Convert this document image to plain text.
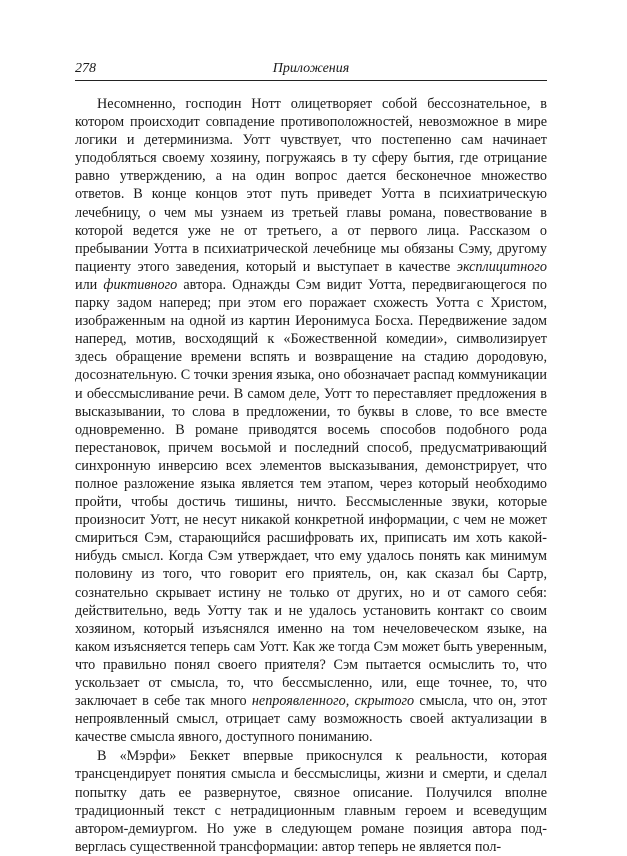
278	Приложения

Несомненно, господин Нотт олицетворяет собой бессознательное, в котором происходит совпадение противоположностей, невозможное в мире логики и детерминизма. Уотт чувствует, что постепенно сам начинает уподобляться своему хозяину, погружаясь в ту сферу бытия, где отрицание равно утверждению, а на один вопрос дается бесконечное множество ответов. В конце концов этот путь приведет Уотта в психиатрическую лечебницу, о чем мы узнаем из третьей главы романа, повествование в которой ведется уже не от третьего, а от первого лица. Рассказом о пребывании Уотта в психиатрической лечебнице мы обязаны Сэму, другому пациенту этого заведения, который и выступает в качестве эксплицитного или фиктивного автора. Однажды Сэм видит Уотта, передвигающегося по парку задом наперед; при этом его поражает схожесть Уотта с Христом, изображенным на одной из картин Иеронимуса Босха. Передвижение задом наперед, мотив, восходящий к «Божественной комедии», символизирует здесь обращение времени вспять и возвращение на стадию дородовую, досознательную. С точки зрения языка, оно обозначает распад коммуникации и обессмысливание речи. В самом деле, Уотт то переставляет предложения в высказывании, то слова в предложении, то буквы в слове, то все вместе одновременно. В романе приводятся восемь способов подобного рода перестановок, причем восьмой и последний способ, предусматривающий синхронную инверсию всех элементов высказывания, демонстрирует, что полное разложение языка является тем этапом, через который необходимо пройти, чтобы достичь тишины, ничто. Бессмысленные звуки, которые произносит Уотт, не несут никакой конкретной информации, с чем не может смириться Сэм, старающийся расшифровать их, приписать им хоть какой-нибудь смысл. Когда Сэм утверждает, что ему удалось понять как минимум половину из того, что говорит его приятель, он, как сказал бы Сартр, сознательно скрывает истину не только от других, но и от самого себя: действительно, ведь Уотту так и не удалось установить контакт со своим хозяином, который изъяснялся именно на том нечеловеческом языке, на каком изъясняется теперь сам Уотт. Как же тогда Сэм может быть уверенным, что правильно понял своего приятеля? Сэм пытается осмыслить то, что ускользает от смысла, то, что бессмысленно, или, еще точнее, то, что заключает в себе так много непроявленного, скрытого смысла, что он, этот непроявленный смысл, отрицает саму возможность своей актуализации в качестве смысла явного, доступного пониманию.

В «Мэрфи» Беккет впервые прикоснулся к реальности, которая трансцендирует понятия смысла и бессмыслицы, жизни и смерти, и сделал попытку дать ее развернутое, связное описание. Получился вполне традиционный текст с нетрадиционным главным героем и всеведущим автором-демиургом. Но уже в следующем романе позиция автора подверглась существенной трансформации: автор теперь не является пол-
